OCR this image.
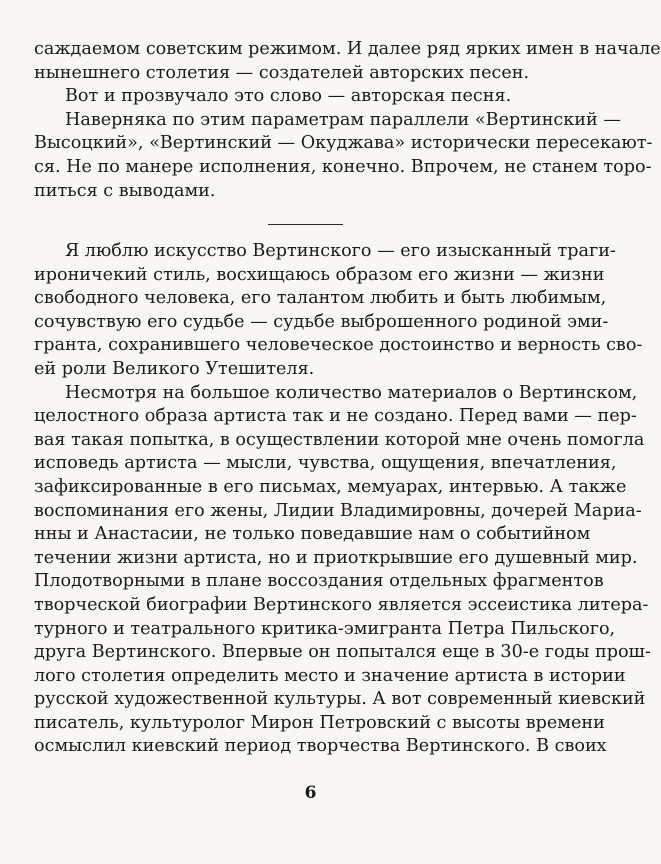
саждаемом советским режимом. И далее ряд ярких имен в начале
нынешнего столетия — создателей авторских песен.
Вот и прозвучало это слово — авторская песня.
Наверняка по этим параметрам параллели «Вертинский —
Высоцкий», «Вертинский — Окуджава» исторически пересекают-
ся. Не по манере исполнения, конечно. Впрочем, не станем торо-
питься с выводами.
Я люблю искусство Вертинского — его изысканный траги-
ироничекий стиль, восхищаюсь образом его жизни — жизни
свободного человека, его талантом любить и быть любимым,
сочувствую его судьбе — судьбе выброшенного родиной эми-
гранта, сохранившего человеческое достоинство и верность сво-
ей роли Великого Утешителя.
Несмотря на большое количество материалов о Вертинском,
целостного образа артиста так и не создано. Перед вами — пер-
вая такая попытка, в осуществлении которой мне очень помогла
исповедь артиста — мысли, чувства, ощущения, впечатления,
зафиксированные в его письмах, мемуарах, интервью. А также
воспоминания его жены, Лидии Владимировны, дочерей Мариа-
нны и Анастасии, не только поведавшие нам о событийном
течении жизни артиста, но и приоткрывшие его душевный мир.
Плодотворными в плане воссоздания отдельных фрагментов
творческой биографии Вертинского является эссеистика литера-
турного и театрального критика-эмигранта Петра Пильского,
друга Вертинского. Впервые он попытался еще в 30-е годы прош-
лого столетия определить место и значение артиста в истории
русской художественной культуры. А вот современный киевский
писатель, культуролог Мирон Петровский с высоты времени
осмыслил киевский период творчества Вертинского. В своих
6
